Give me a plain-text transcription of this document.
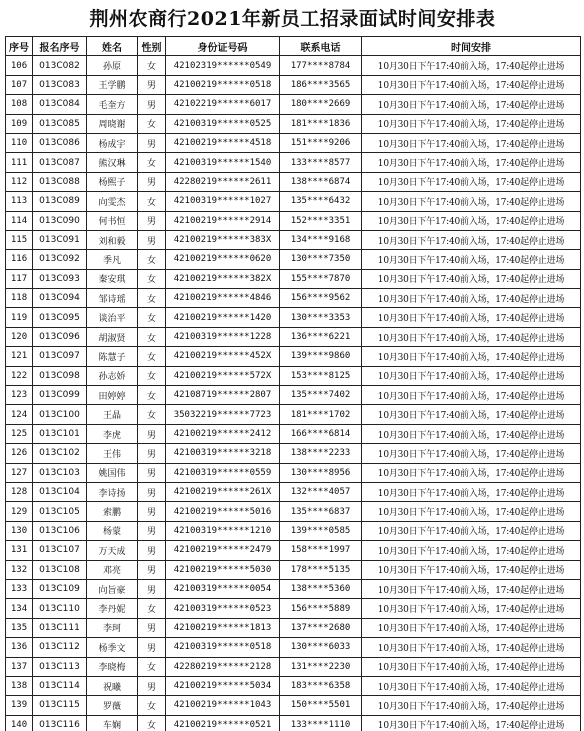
荆州农商行2021年新员工招录面试时间安排表
序号	报名序号	姓名	性别	身份证号码	联系电话	时间安排
106	013C082	孙原	女	42102319******0549	177****8784	10月30日下午17:40前入场，17:40起停止进场
107	013C083	王学鹏	男	42100219******0518	186****3565	10月30日下午17:40前入场，17:40起停止进场
108	013C084	毛奎方	男	42102219******6017	180****2669	10月30日下午17:40前入场，17:40起停止进场
109	013C085	周晓谢	女	42100319******0525	181****1836	10月30日下午17:40前入场，17:40起停止进场
110	013C086	杨成宇	男	42100219******4518	151****9206	10月30日下午17:40前入场，17:40起停止进场
111	013C087	熊汉琳	女	42100319******1540	133****8577	10月30日下午17:40前入场，17:40起停止进场
112	013C088	杨熙子	男	42280219******2611	138****6874	10月30日下午17:40前入场，17:40起停止进场
113	013C089	向雯杰	女	42100319******1027	135****6432	10月30日下午17:40前入场，17:40起停止进场
114	013C090	何书恒	男	42100219******2914	152****3351	10月30日下午17:40前入场，17:40起停止进场
115	013C091	刘和毅	男	42100219******383X	134****9168	10月30日下午17:40前入场，17:40起停止进场
116	013C092	季凡	女	42100219******0620	130****7350	10月30日下午17:40前入场，17:40起停止进场
117	013C093	秦安琪	女	42100219******382X	155****7870	10月30日下午17:40前入场，17:40起停止进场
118	013C094	邹诗瑶	女	42100219******4846	156****9562	10月30日下午17:40前入场，17:40起停止进场
119	013C095	谈治平	女	42100219******1420	130****3353	10月30日下午17:40前入场，17:40起停止进场
120	013C096	胡淑贤	女	42100319******1228	136****6221	10月30日下午17:40前入场，17:40起停止进场
121	013C097	陈慧子	女	42100219******452X	139****9860	10月30日下午17:40前入场，17:40起停止进场
122	013C098	孙志娇	女	42100219******572X	153****8125	10月30日下午17:40前入场，17:40起停止进场
123	013C099	田婷婷	女	42108719******2807	135****7402	10月30日下午17:40前入场，17:40起停止进场
124	013C100	王晶	女	35032219******7723	181****1702	10月30日下午17:40前入场，17:40起停止进场
125	013C101	李虎	男	42100219******2412	166****6814	10月30日下午17:40前入场，17:40起停止进场
126	013C102	王伟	男	42100319******3218	138****2233	10月30日下午17:40前入场，17:40起停止进场
127	013C103	姚国伟	男	42100319******0559	130****8956	10月30日下午17:40前入场，17:40起停止进场
128	013C104	李诗扬	男	42100219******261X	132****4057	10月30日下午17:40前入场，17:40起停止进场
129	013C105	索鹏	男	42100219******5016	135****6837	10月30日下午17:40前入场，17:40起停止进场
130	013C106	杨蒙	男	42100319******1210	139****0585	10月30日下午17:40前入场，17:40起停止进场
131	013C107	万天成	男	42100219******2479	158****1997	10月30日下午17:40前入场，17:40起停止进场
132	013C108	邓亮	男	42100219******5030	178****5135	10月30日下午17:40前入场，17:40起停止进场
133	013C109	向旨豪	男	42100319******0054	138****5360	10月30日下午17:40前入场，17:40起停止进场
134	013C110	李丹妮	女	42100319******0523	156****5889	10月30日下午17:40前入场，17:40起停止进场
135	013C111	李珂	男	42100219******1813	137****2680	10月30日下午17:40前入场，17:40起停止进场
136	013C112	杨季文	男	42100319******0518	130****6033	10月30日下午17:40前入场，17:40起停止进场
137	013C113	李晓梅	女	42280219******2128	131****2230	10月30日下午17:40前入场，17:40起停止进场
138	013C114	祝曦	男	42100219******5034	183****6358	10月30日下午17:40前入场，17:40起停止进场
139	013C115	罗薇	女	42100219******1043	150****5501	10月30日下午17:40前入场，17:40起停止进场
140	013C116	车娴	女	42100219******0521	133****1110	10月30日下午17:40前入场，17:40起停止进场
